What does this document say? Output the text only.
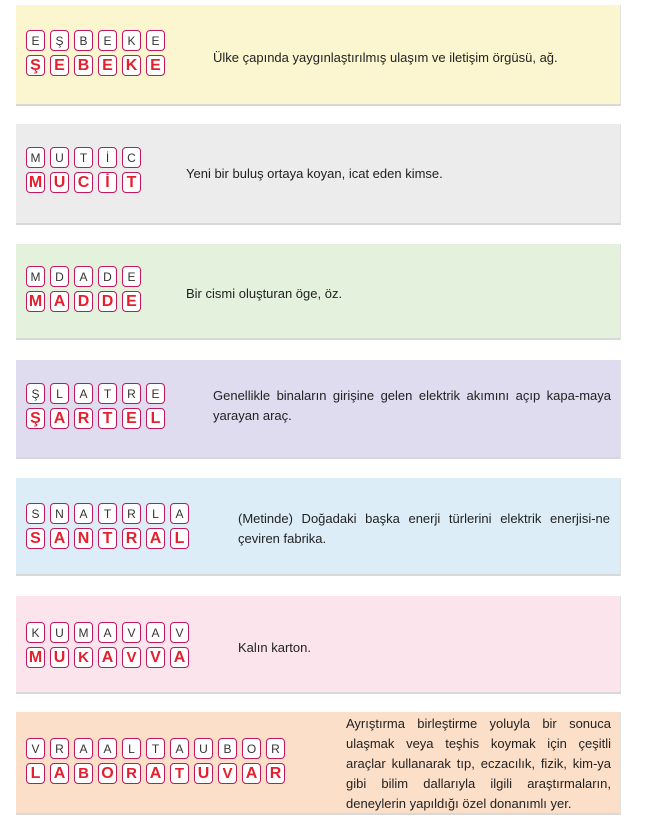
E	Ş	B	E	K	E
Ş E B E K E	Ülke çapında yaygınlaştırılmış ulaşım ve iletişim örgüsü, ağ.
M	U	T	İ	C
M U C İ	T	Yeni bir buluş ortaya koyan, icat eden kimse.
M	D	A	D	E
M A D D E	Bir cismi oluşturan öge, öz.
Ş	L	A	T	R	E
Ş A R T E L
Genellikle binaların girişine gelen elektrik akımını açıp kapa-maya yarayan araç.
S	N	A	T	R	L	A
S A N T R A L
(Metinde) Doğadaki başka enerji türlerini elektrik enerjisi-ne çeviren fabrika.
K	U	M	A	V	A	V
M U K A V V A
Kalın karton.
V	R	A	A	L	T	A	U	B	O	R
L A B O R A T U V A R
Ayrıştırma birleştirme yoluyla bir sonuca ulaşmak veya teşhis koymak için çeşitli araçlar kullanarak tıp, eczacılık, fizik, kim-ya gibi bilim dallarıyla ilgili araştırmaların, deneylerin yapıldığı özel donanımlı yer.
